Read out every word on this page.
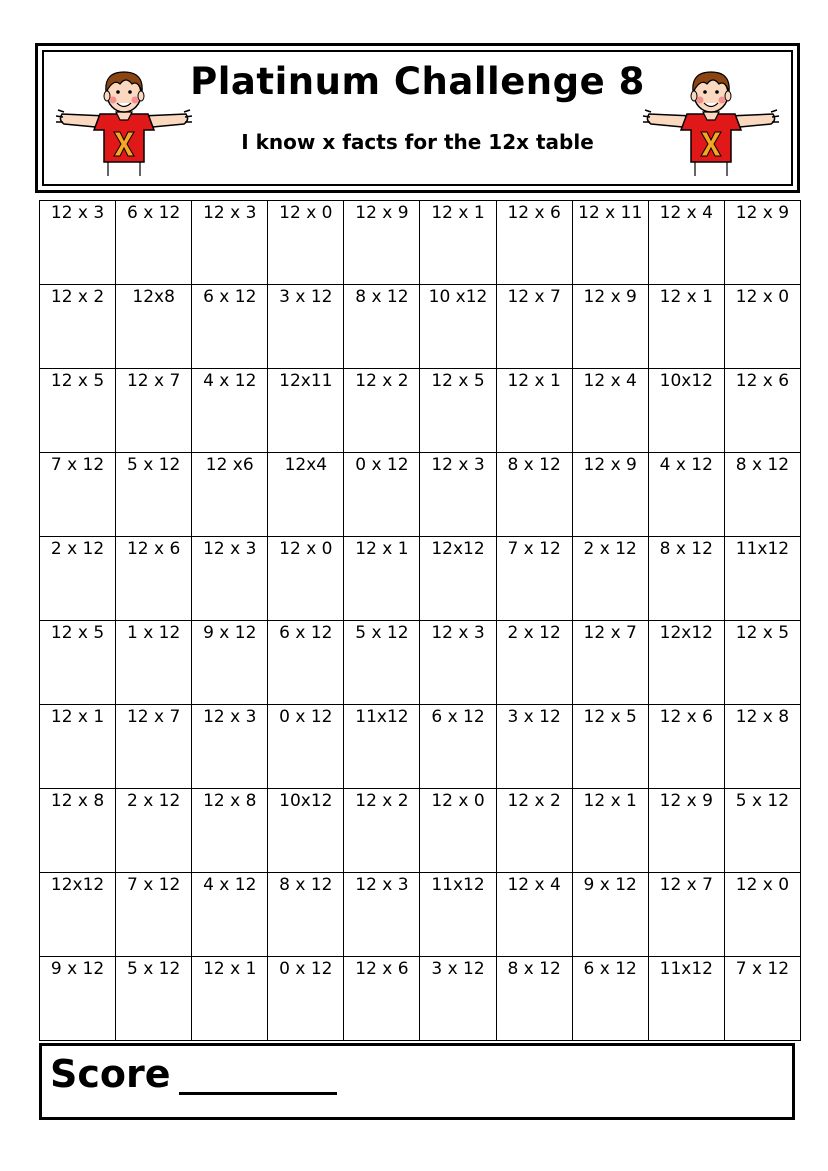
Platinum Challenge 8
I know x facts for the 12x table
12 x 3	6 x 12	12 x 3	12 x 0	12 x 9	12 x 1	12 x 6	12 x 11	12 x 4	12 x 9
12 x 2	12x8	6 x 12	3 x 12	8 x 12	10 x12	12 x 7	12 x 9	12 x 1	12 x 0
12 x 5	12 x 7	4 x 12	12x11	12 x 2	12 x 5	12 x 1	12 x 4	10x12	12 x 6
7 x 12	5 x 12	12 x6	12x4	0 x 12	12 x 3	8 x 12	12 x 9	4 x 12	8 x 12
2 x 12	12 x 6	12 x 3	12 x 0	12 x 1	12x12	7 x 12	2 x 12	8 x 12	11x12
12 x 5	1 x 12	9 x 12	6 x 12	5 x 12	12 x 3	2 x 12	12 x 7	12x12	12 x 5
12 x 1	12 x 7	12 x 3	0 x 12	11x12	6 x 12	3 x 12	12 x 5	12 x 6	12 x 8
12 x 8	2 x 12	12 x 8	10x12	12 x 2	12 x 0	12 x 2	12 x 1	12 x 9	5 x 12
12x12	7 x 12	4 x 12	8 x 12	12 x 3	11x12	12 x 4	9 x 12	12 x 7	12 x 0
9 x 12	5 x 12	12 x 1	0 x 12	12 x 6	3 x 12	8 x 12	6 x 12	11x12	7 x 12
Score
